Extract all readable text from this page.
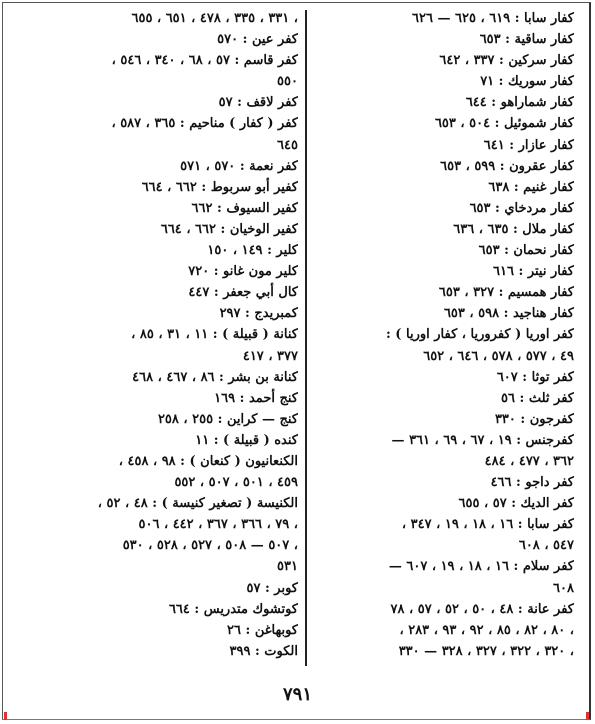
كفار سابا : ٦١٩ ، ٦٢٥ — ٦٢٦
كفار ساقية : ٦٥٣
كفار سركين : ٣٣٧ ، ٦٤٢
كفار سوريك : ٧١
كفار شماراهو : ٦٤٤
كفار شموئيل : ٥٠٤ ، ٦٥٣
كفار عازار : ٦٤١
كفار عقرون : ٥٩٩ ، ٦٥٣
كفار غنيم : ٦٣٨
كفار مردخاي : ٦٥٣
كفار ملال : ٦٣٥ ، ٦٣٦
كفار نحمان : ٦٥٣
كفار نيتر : ٦١٦
كفار همسيم : ٣٢٧ ، ٦٥٣
كفار هناجيد : ٥٩٨ ، ٦٥٣
كفر اوريا ( كفروريا ، كفار اوريا ) :
٤٩ ، ٥٧٧ ، ٥٧٨ ، ٦٤٦ ، ٦٥٢
كفر توثا : ٦٠٧
كفر ثلث : ٥٦
كفرجون : ٣٣٠
كفرجنس : ١٩ ، ٦٧ ، ٦٩ ، ٣٦١ —
٣٦٢ ، ٤٧٧ ، ٤٨٤
كفر داجو : ٤٦٦
كفر الديك : ٥٧ ، ٦٥٥
كفر سابا : ١٦ ، ١٨ ، ١٩ ، ٣٤٧ ،
٥٤٧ ، ٦٠٨
كفر سلام : ١٦ ، ١٨ ، ١٩ ، ٦٠٧ —
٦٠٨
كفر عانة : ٤٨ ، ٥٠ ، ٥٢ ، ٥٧ ، ٧٨
، ٨٠ ، ٨٢ ، ٨٥ ، ٩٢ ، ٩٣ ، ٢٨٣ ،
٣٢٠ ، ٣٢٢ ، ٣٢٧ ، ٣٢٨ — ٣٣٠ ،
٣٣١ ، ٣٣٥ ، ٤٧٨ ، ٦٥١ ، ٦٥٥ ،
كفر عين : ٥٧٠
كفر قاسم : ٥٧ ، ٦٨ ، ٣٤٠ ، ٥٤٦ ،
٥٥٠
كفر لاقف : ٥٧
كفر ( كفار ) مناحيم : ٣٦٥ ، ٥٨٧ ،
٦٤٥
كفر نعمة : ٥٧٠ ، ٥٧١
كفير أبو سربوط : ٦٦٢ ، ٦٦٤
كفير السيوف : ٦٦٢
كفير الوخيان : ٦٦٢ ، ٦٦٤
كلير : ١٤٩ ، ١٥٠
كلير مون غانو : ٧٢٠
كال أبي جعفر : ٤٤٧
كمبريدج : ٢٩٧
كنانة ( قبيلة ) : ١١ ، ٣١ ، ٨٥ ،
٣٧٧ ، ٤١٧
كنانة بن بشر : ٨٦ ، ٤٦٧ ، ٤٦٨
كنج أحمد : ١٦٩
كنج — كراين : ٢٥٥ ، ٢٥٨
كنده ( قبيلة ) : ١١
الكنعانيون ( كنعان ) : ٩٨ ، ٤٥٨ ،
٤٥٩ ، ٥٠١ ، ٥٠٧ ، ٥٥٢
الكنيسة ( تصغير كنيسة ) : ٤٨ ، ٥٢ ،
٧٩ ، ٣٦٦ ، ٣٦٧ ، ٤٤٢ ، ٥٠٦ ،
٥٠٧ — ٥٠٨ ، ٥٢٧ ، ٥٢٨ ، ٥٣٠ ،
٥٣١
كوبر : ٥٧
كوتشوك متدريس : ٦٦٤
كوبهاغن : ٢٦
الكوت : ٣٩٩
٧٩١
